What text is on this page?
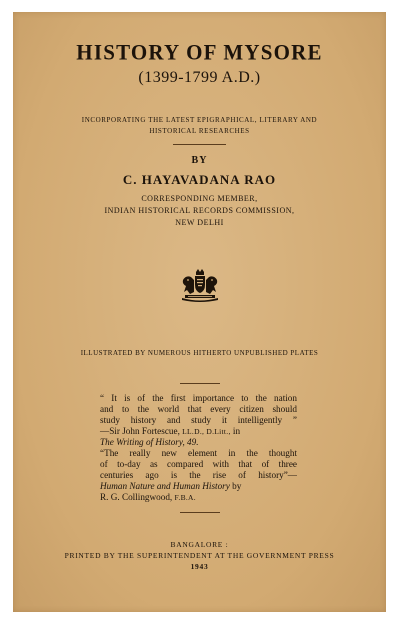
HISTORY OF MYSORE
(1399-1799 A.D.)
INCORPORATING THE LATEST EPIGRAPHICAL, LITERARY AND
HISTORICAL RESEARCHES
BY
C. HAYAVADANA RAO
CORRESPONDING MEMBER,
INDIAN HISTORICAL RECORDS COMMISSION,
NEW DELHI
ILLUSTRATED BY NUMEROUS HITHERTO UNPUBLISHED PLATES
“ It is of the first importance to the nation
and to the world that every citizen should
study history and study it intelligently ”
—Sir John Fortescue, LL.D., D.Litt., in
The Writing of History, 49.
“The really new element in the thought
of to-day as compared with that of three
centuries ago is the rise of history”—
Human Nature and Human History by
R. G. Collingwood, F.B.A.
BANGALORE :
PRINTED BY THE SUPERINTENDENT AT THE GOVERNMENT PRESS
1943
